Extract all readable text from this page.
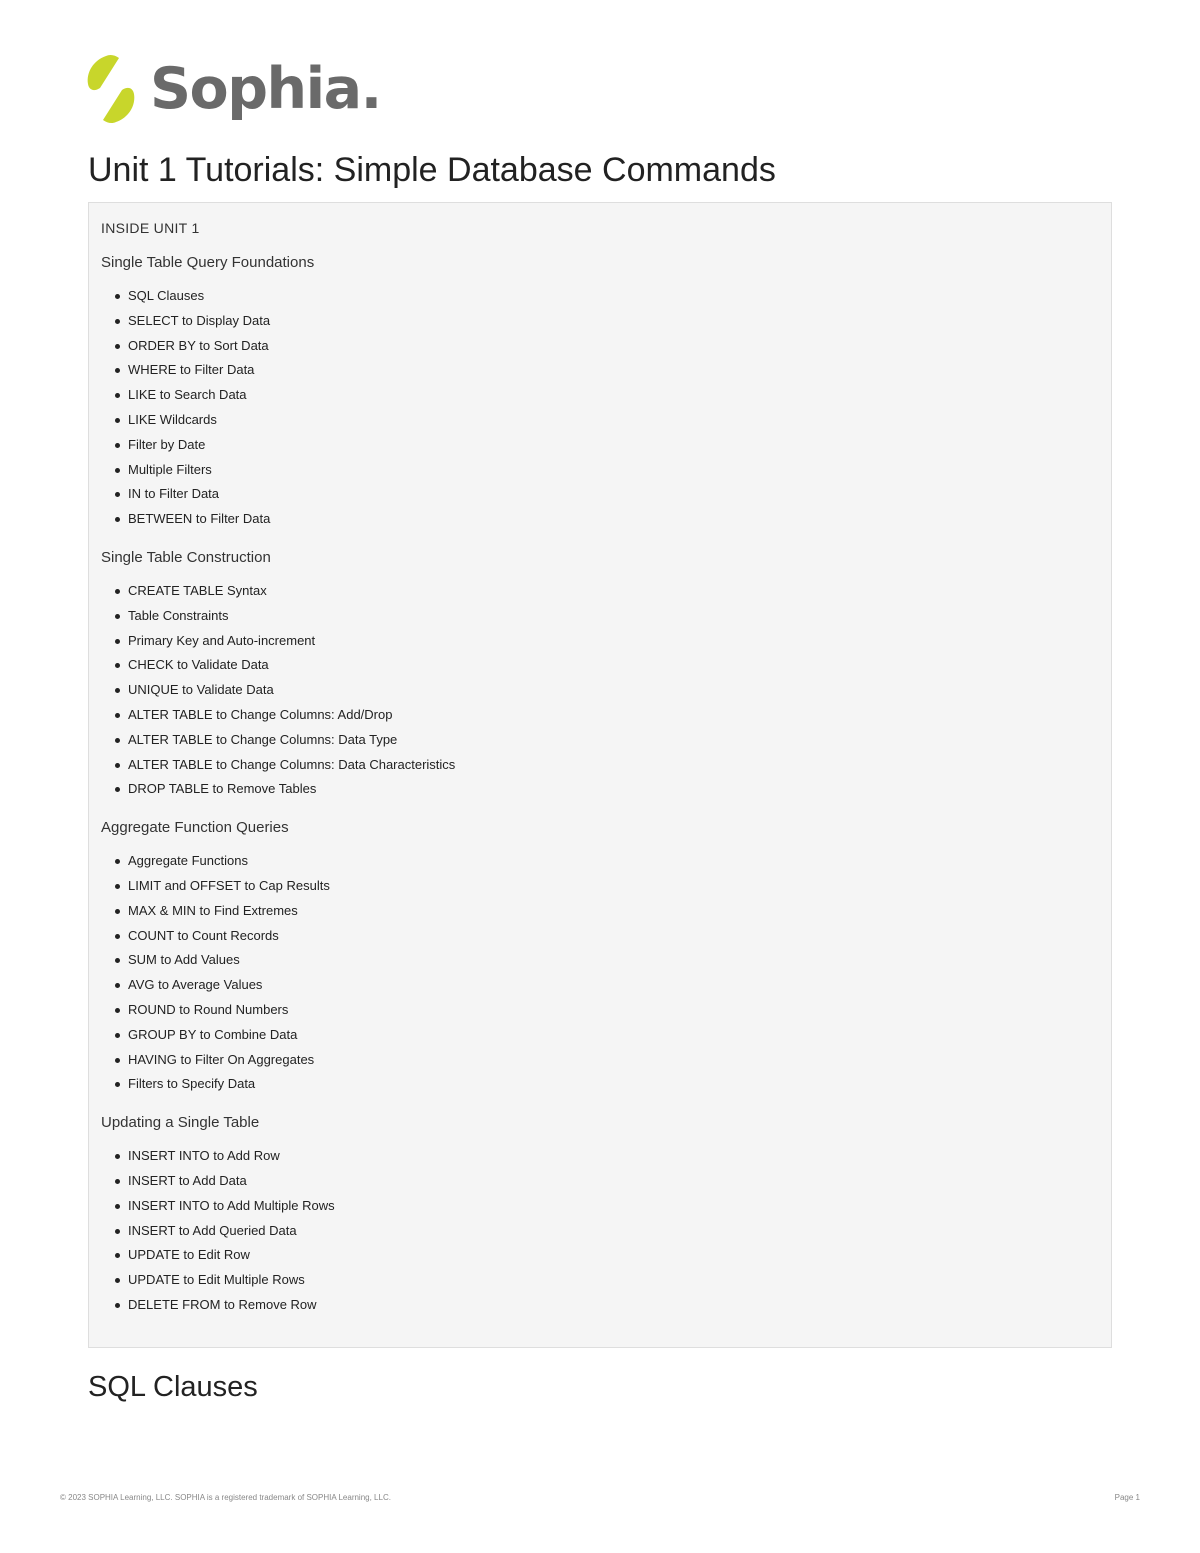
Sophia.
Unit 1 Tutorials: Simple Database Commands
INSIDE UNIT 1
Single Table Query Foundations
SQL Clauses
SELECT to Display Data
ORDER BY to Sort Data
WHERE to Filter Data
LIKE to Search Data
LIKE Wildcards
Filter by Date
Multiple Filters
IN to Filter Data
BETWEEN to Filter Data
Single Table Construction
CREATE TABLE Syntax
Table Constraints
Primary Key and Auto-increment
CHECK to Validate Data
UNIQUE to Validate Data
ALTER TABLE to Change Columns: Add/Drop
ALTER TABLE to Change Columns: Data Type
ALTER TABLE to Change Columns: Data Characteristics
DROP TABLE to Remove Tables
Aggregate Function Queries
Aggregate Functions
LIMIT and OFFSET to Cap Results
MAX & MIN to Find Extremes
COUNT to Count Records
SUM to Add Values
AVG to Average Values
ROUND to Round Numbers
GROUP BY to Combine Data
HAVING to Filter On Aggregates
Filters to Specify Data
Updating a Single Table
INSERT INTO to Add Row
INSERT to Add Data
INSERT INTO to Add Multiple Rows
INSERT to Add Queried Data
UPDATE to Edit Row
UPDATE to Edit Multiple Rows
DELETE FROM to Remove Row
SQL Clauses
© 2023 SOPHIA Learning, LLC. SOPHIA is a registered trademark of SOPHIA Learning, LLC.	Page 1
